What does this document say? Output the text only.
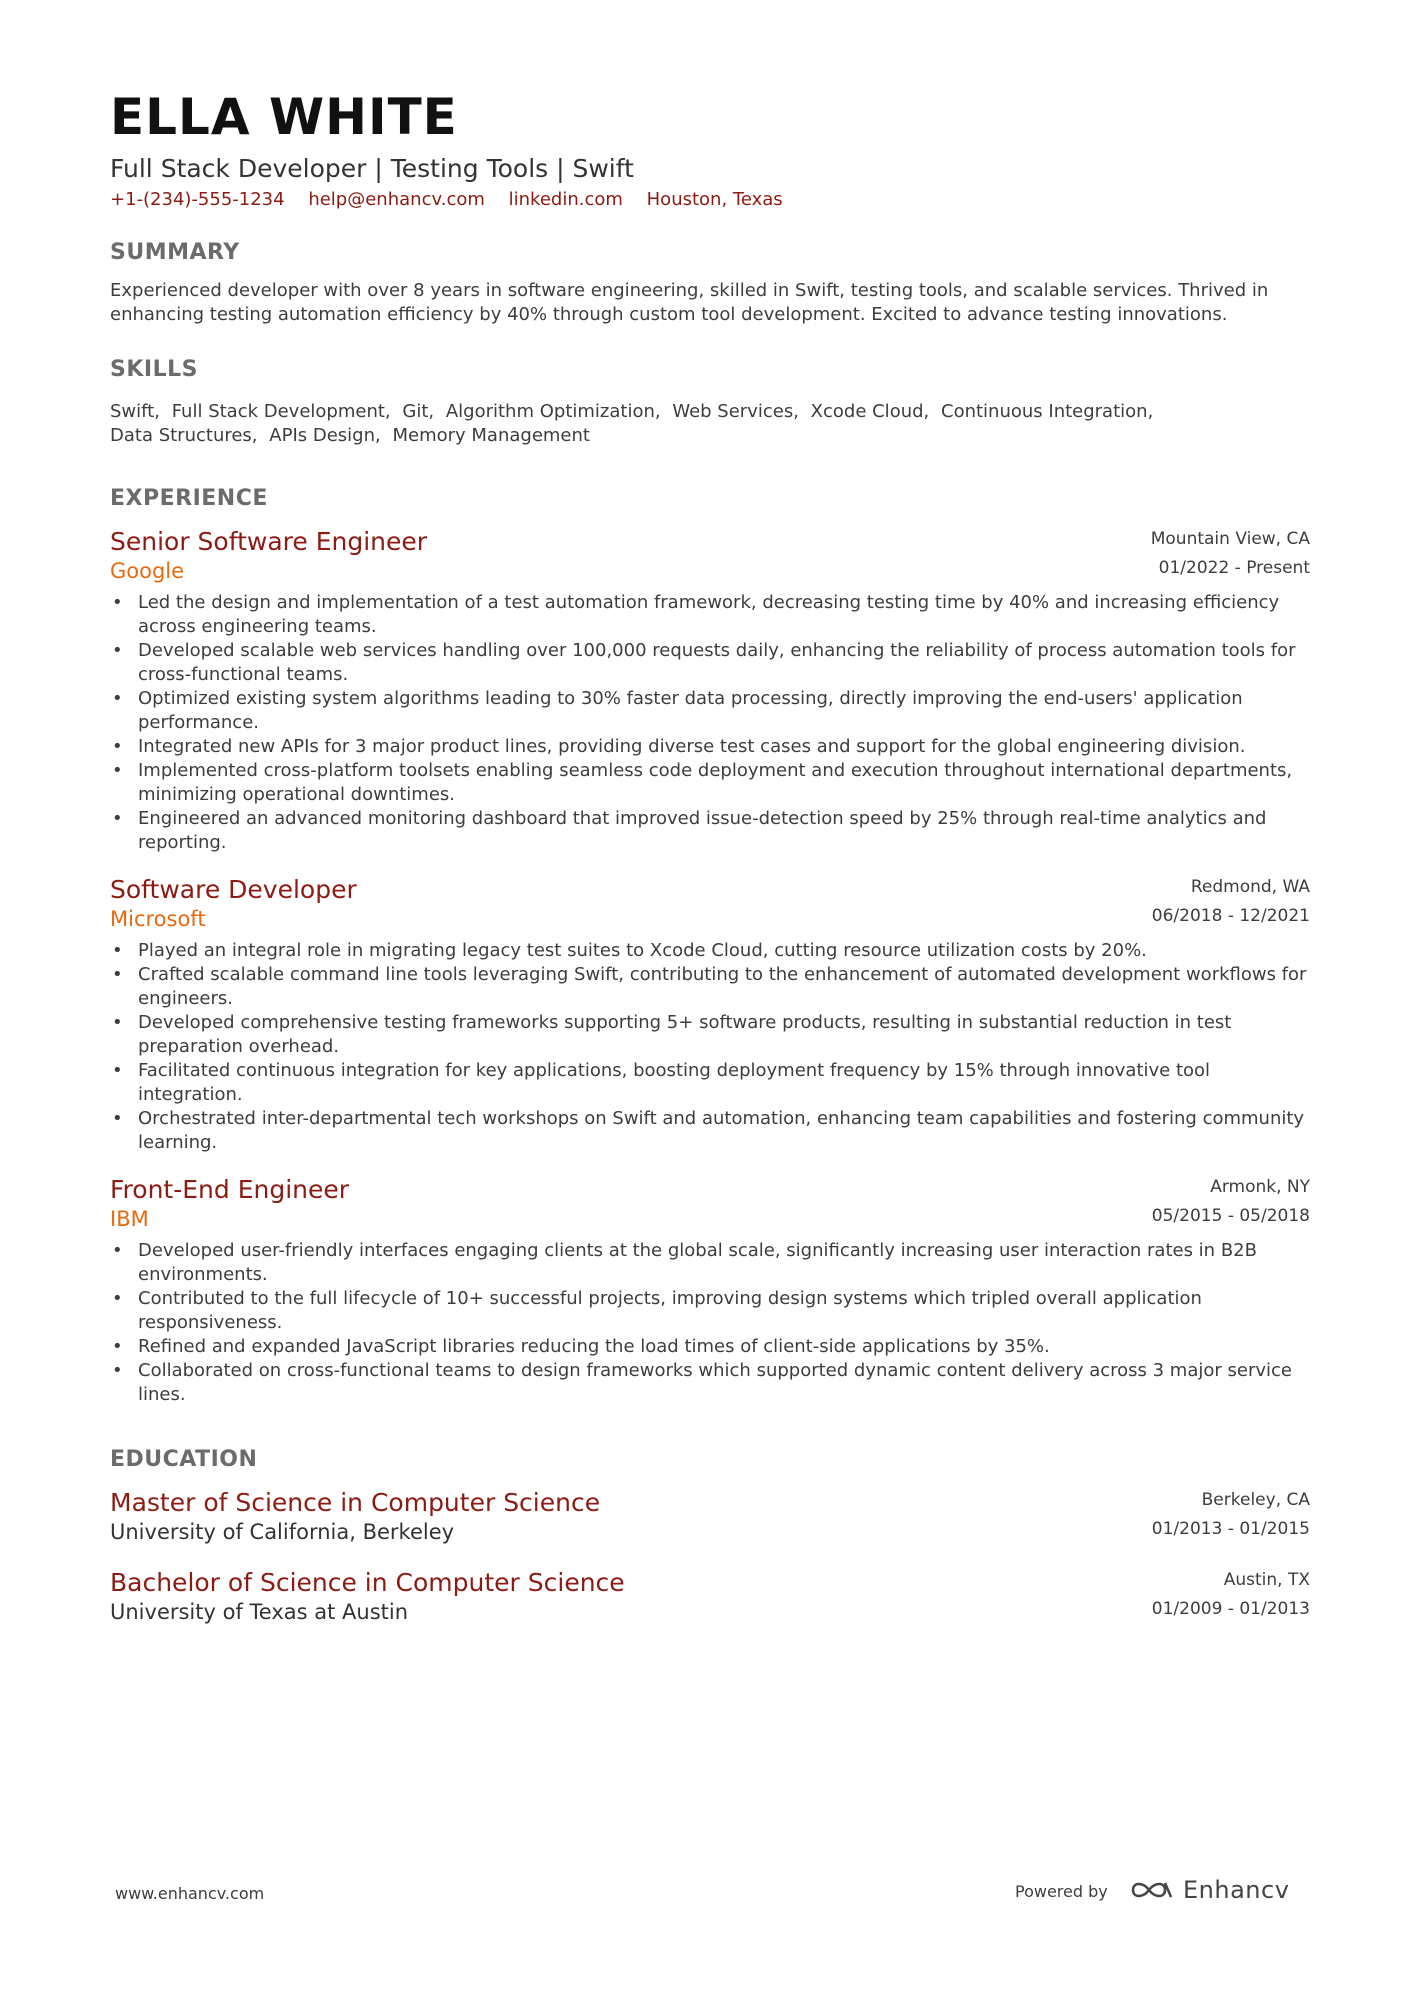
ELLA WHITE
Full Stack Developer | Testing Tools | Swift
+1-(234)-555-1234 help@enhancv.com linkedin.com Houston, Texas
SUMMARY
Experienced developer with over 8 years in software engineering, skilled in Swift, testing tools, and scalable services. Thrived in enhancing testing automation efficiency by 40% through custom tool development. Excited to advance testing innovations.
SKILLS
Swift, Full Stack Development, Git, Algorithm Optimization, Web Services, Xcode Cloud, Continuous Integration, Data Structures, APIs Design, Memory Management
EXPERIENCE
Senior Software Engineer
Google
Mountain View, CA
01/2022 - Present
• Led the design and implementation of a test automation framework, decreasing testing time by 40% and increasing efficiency across engineering teams.
• Developed scalable web services handling over 100,000 requests daily, enhancing the reliability of process automation tools for cross-functional teams.
• Optimized existing system algorithms leading to 30% faster data processing, directly improving the end-users' application performance.
• Integrated new APIs for 3 major product lines, providing diverse test cases and support for the global engineering division.
• Implemented cross-platform toolsets enabling seamless code deployment and execution throughout international departments, minimizing operational downtimes.
• Engineered an advanced monitoring dashboard that improved issue-detection speed by 25% through real-time analytics and reporting.
Software Developer
Microsoft
Redmond, WA
06/2018 - 12/2021
• Played an integral role in migrating legacy test suites to Xcode Cloud, cutting resource utilization costs by 20%.
• Crafted scalable command line tools leveraging Swift, contributing to the enhancement of automated development workflows for engineers.
• Developed comprehensive testing frameworks supporting 5+ software products, resulting in substantial reduction in test preparation overhead.
• Facilitated continuous integration for key applications, boosting deployment frequency by 15% through innovative tool integration.
• Orchestrated inter-departmental tech workshops on Swift and automation, enhancing team capabilities and fostering community learning.
Front-End Engineer
IBM
Armonk, NY
05/2015 - 05/2018
• Developed user-friendly interfaces engaging clients at the global scale, significantly increasing user interaction rates in B2B environments.
• Contributed to the full lifecycle of 10+ successful projects, improving design systems which tripled overall application responsiveness.
• Refined and expanded JavaScript libraries reducing the load times of client-side applications by 35%.
• Collaborated on cross-functional teams to design frameworks which supported dynamic content delivery across 3 major service lines.
EDUCATION
Master of Science in Computer Science
University of California, Berkeley
Berkeley, CA
01/2013 - 01/2015
Bachelor of Science in Computer Science
University of Texas at Austin
Austin, TX
01/2009 - 01/2013
www.enhancv.com	Powered by	Enhancv
